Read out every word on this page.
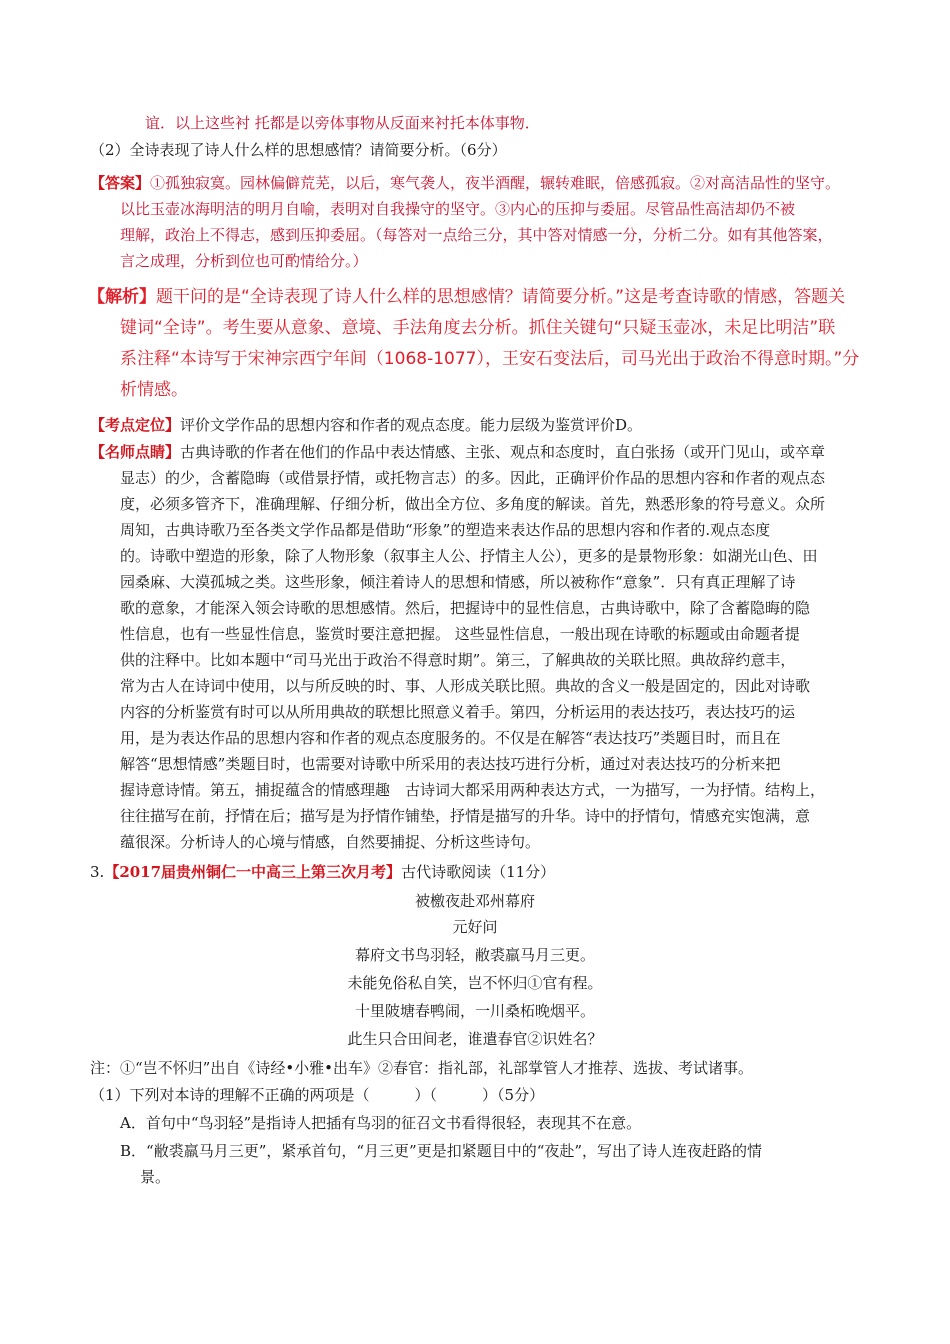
谊．以上这些衬 托都是以旁体事物从反面来衬托本体事物．
（2）全诗表现了诗人什么样的思想感情？请简要分析。（6分）
【答案】①孤独寂寞。园林偏僻荒芜，以后，寒气袭人，夜半酒醒，辗转难眠，倍感孤寂。②对高洁品性的坚守。
以比玉壶冰海明洁的明月自喻，表明对自我操守的坚守。③内心的压抑与委屈。尽管品性高洁却仍不被
理解，政治上不得志，感到压抑委屈。（每答对一点给三分，其中答对情感一分，分析二分。如有其他答案，
言之成理，分析到位也可酌情给分。）
【解析】题干问的是“全诗表现了诗人什么样的思想感情？请简要分析。”这是考查诗歌的情感，答题关
键词“全诗”。考生要从意象、意境、手法角度去分析。抓住关键句“只疑玉壶冰，未足比明洁”联
系注释“本诗写于宋神宗西宁年间（1068-1077），王安石变法后，司马光出于政治不得意时期。”分
析情感。
【考点定位】评价文学作品的思想内容和作者的观点态度。能力层级为鉴赏评价D。
【名师点睛】古典诗歌的作者在他们的作品中表达情感、主张、观点和态度时，直白张扬（或开门见山，或卒章
显志）的少，含蓄隐晦（或借景抒情，或托物言志）的多。因此，正确评价作品的思想内容和作者的观点态
度，必须多管齐下，准确理解、仔细分析，做出全方位、多角度的解读。首先，熟悉形象的符号意义。众所
周知，古典诗歌乃至各类文学作品都是借助“形象”的塑造来表达作品的思想内容和作者的.观点态度
的。诗歌中塑造的形象，除了人物形象（叙事主人公、抒情主人公），更多的是景物形象：如湖光山色、田
园桑麻、大漠孤城之类。这些形象，倾注着诗人的思想和情感，所以被称作“意象”．只有真正理解了诗
歌的意象，才能深入领会诗歌的思想感情。然后，把握诗中的显性信息，古典诗歌中，除了含蓄隐晦的隐
性信息，也有一些显性信息，鉴赏时要注意把握。 这些显性信息，一般出现在诗歌的标题或由命题者提
供的注释中。比如本题中“司马光出于政治不得意时期”。第三，了解典故的关联比照。典故辞约意丰，
常为古人在诗词中使用，以与所反映的时、事、人形成关联比照。典故的含义一般是固定的，因此对诗歌
内容的分析鉴赏有时可以从所用典故的联想比照意义着手。第四，分析运用的表达技巧，表达技巧的运
用，是为表达作品的思想内容和作者的观点态度服务的。不仅是在解答“表达技巧”类题目时，而且在
解答“思想情感”类题目时，也需要对诗歌中所采用的表达技巧进行分析，通过对表达技巧的分析来把
握诗意诗情。第五，捕捉蕴含的情感理趣　古诗词大都采用两种表达方式，一为描写，一为抒情。结构上，
往往描写在前，抒情在后；描写是为抒情作铺垫，抒情是描写的升华。诗中的抒情句，情感充实饱满，意
蕴很深。分析诗人的心境与情感，自然要捕捉、分析这些诗句。
3.【2017届贵州铜仁一中高三上第三次月考】古代诗歌阅读（11分）
被檄夜赴邓州幕府
元好问
幕府文书鸟羽轻，敝裘羸马月三更。
未能免俗私自笑，岂不怀归①官有程。
十里陂塘春鸭闹，一川桑柘晚烟平。
此生只合田间老，谁遣春官②识姓名？
注：①“岂不怀归”出自《诗经•小雅•出车》②春官：指礼部，礼部掌管人才推荐、选拔、考试诸事。
（1）下列对本诗的理解不正确的两项是（　　　）（　　　）（5分）
A．首句中“鸟羽轻”是指诗人把插有鸟羽的征召文书看得很轻，表现其不在意。
B．“敝裘羸马月三更”，紧承首句，“月三更”更是扣紧题目中的“夜赴”，写出了诗人连夜赶路的情
景。
